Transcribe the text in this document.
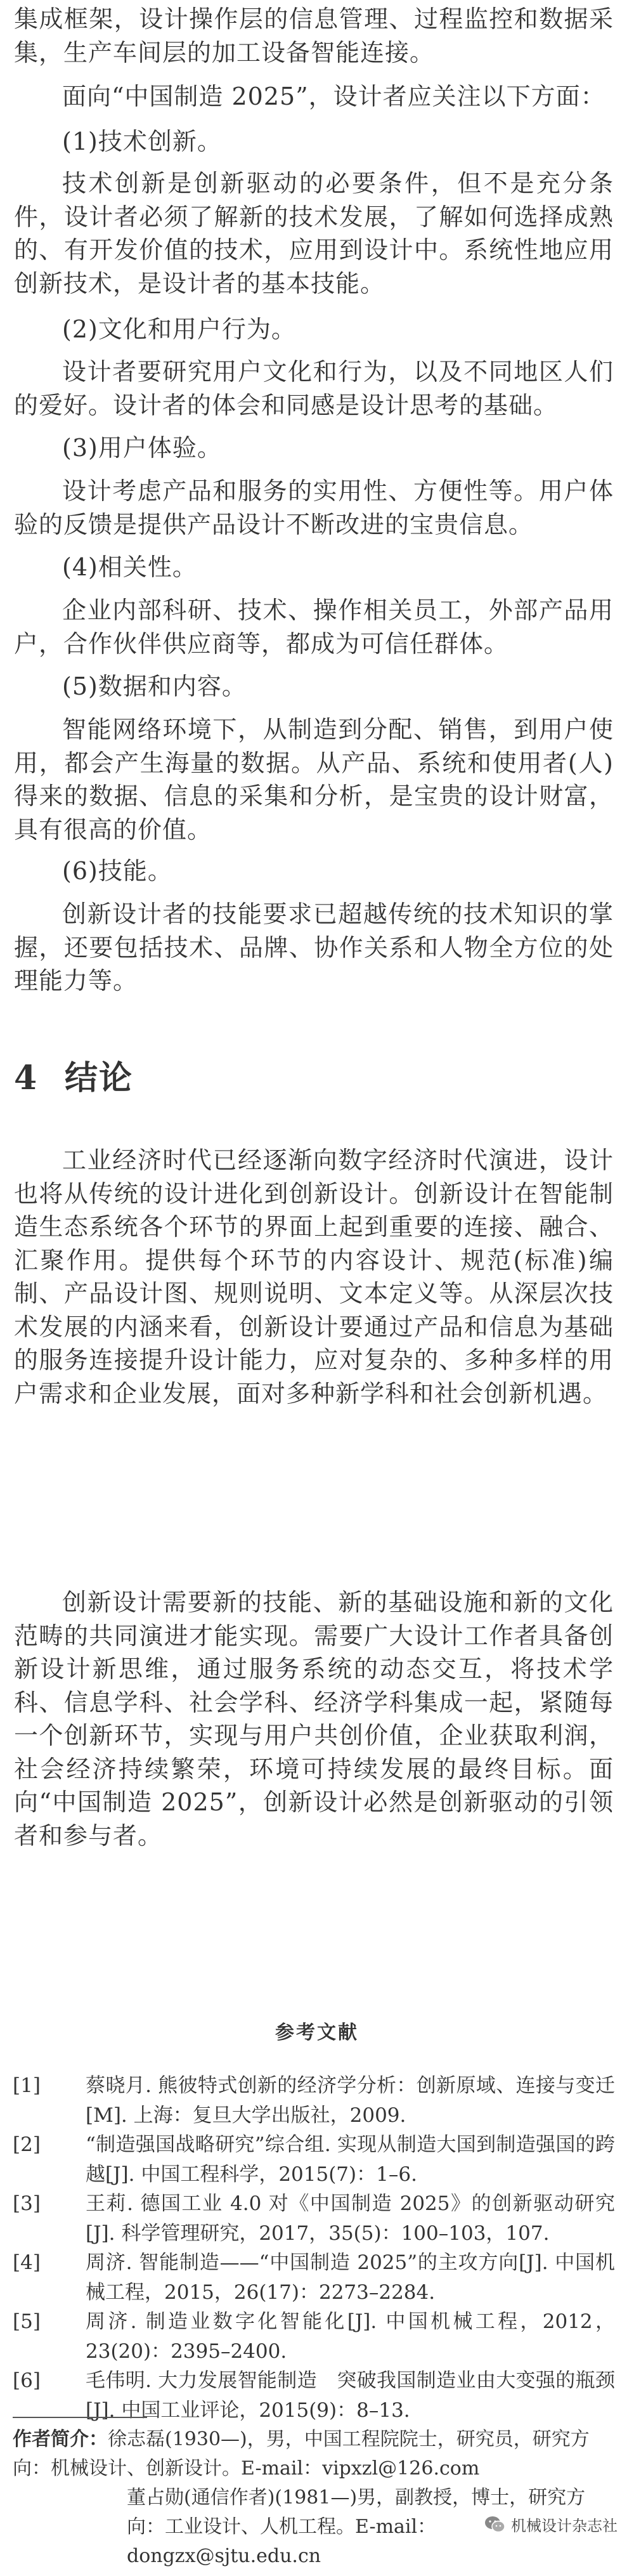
集成框架，设计操作层的信息管理、过程监控和数据采集，生产车间层的加工设备智能连接。

面向“中国制造 2025”，设计者应关注以下方面：

(1)技术创新。

技术创新是创新驱动的必要条件，但不是充分条件，设计者必须了解新的技术发展，了解如何选择成熟的、有开发价值的技术，应用到设计中。系统性地应用创新技术，是设计者的基本技能。

(2)文化和用户行为。

设计者要研究用户文化和行为，以及不同地区人们的爱好。设计者的体会和同感是设计思考的基础。

(3)用户体验。

设计考虑产品和服务的实用性、方便性等。用户体验的反馈是提供产品设计不断改进的宝贵信息。

(4)相关性。

企业内部科研、技术、操作相关员工，外部产品用户，合作伙伴供应商等，都成为可信任群体。

(5)数据和内容。

智能网络环境下，从制造到分配、销售，到用户使用，都会产生海量的数据。从产品、系统和使用者(人)得来的数据、信息的采集和分析，是宝贵的设计财富，具有很高的价值。

(6)技能。

创新设计者的技能要求已超越传统的技术知识的掌握，还要包括技术、品牌、协作关系和人物全方位的处理能力等。

4 结论

工业经济时代已经逐渐向数字经济时代演进，设计也将从传统的设计进化到创新设计。创新设计在智能制造生态系统各个环节的界面上起到重要的连接、融合、汇聚作用。提供每个环节的内容设计、规范(标准)编制、产品设计图、规则说明、文本定义等。从深层次技术发展的内涵来看，创新设计要通过产品和信息为基础的服务连接提升设计能力，应对复杂的、多种多样的用户需求和企业发展，面对多种新学科和社会创新机遇。

创新设计需要新的技能、新的基础设施和新的文化范畴的共同演进才能实现。需要广大设计工作者具备创新设计新思维，通过服务系统的动态交互，将技术学科、信息学科、社会学科、经济学科集成一起，紧随每一个创新环节，实现与用户共创价值，企业获取利润，社会经济持续繁荣，环境可持续发展的最终目标。面向“中国制造 2025”，创新设计必然是创新驱动的引领者和参与者。

参考文献
[1] 蔡晓月. 熊彼特式创新的经济学分析：创新原域、连接与变迁[M]. 上海：复旦大学出版社，2009.
[2] “制造强国战略研究”综合组. 实现从制造大国到制造强国的跨越[J]. 中国工程科学，2015(7)：1–6.
[3] 王莉. 德国工业 4.0 对《中国制造 2025》的创新驱动研究[J]. 科学管理研究，2017，35(5)：100–103，107.
[4] 周济. 智能制造——“中国制造 2025”的主攻方向[J]. 中国机械工程，2015，26(17)：2273–2284.
[5] 周济. 制造业数字化智能化[J]. 中国机械工程，2012，23(20)：2395–2400.
[6] 毛伟明. 大力发展智能制造　突破我国制造业由大变强的瓶颈[J]. 中国工业评论，2015(9)：8–13.
作者简介：徐志磊(1930—)，男，中国工程院院士，研究员，研究方向：机械设计、创新设计。E-mail：vipxzl@126.com
董占勋(通信作者)(1981—)男，副教授，博士，研究方向：工业设计、人机工程。E-mail：dongzx@sjtu.edu.cn
机械设计杂志社
